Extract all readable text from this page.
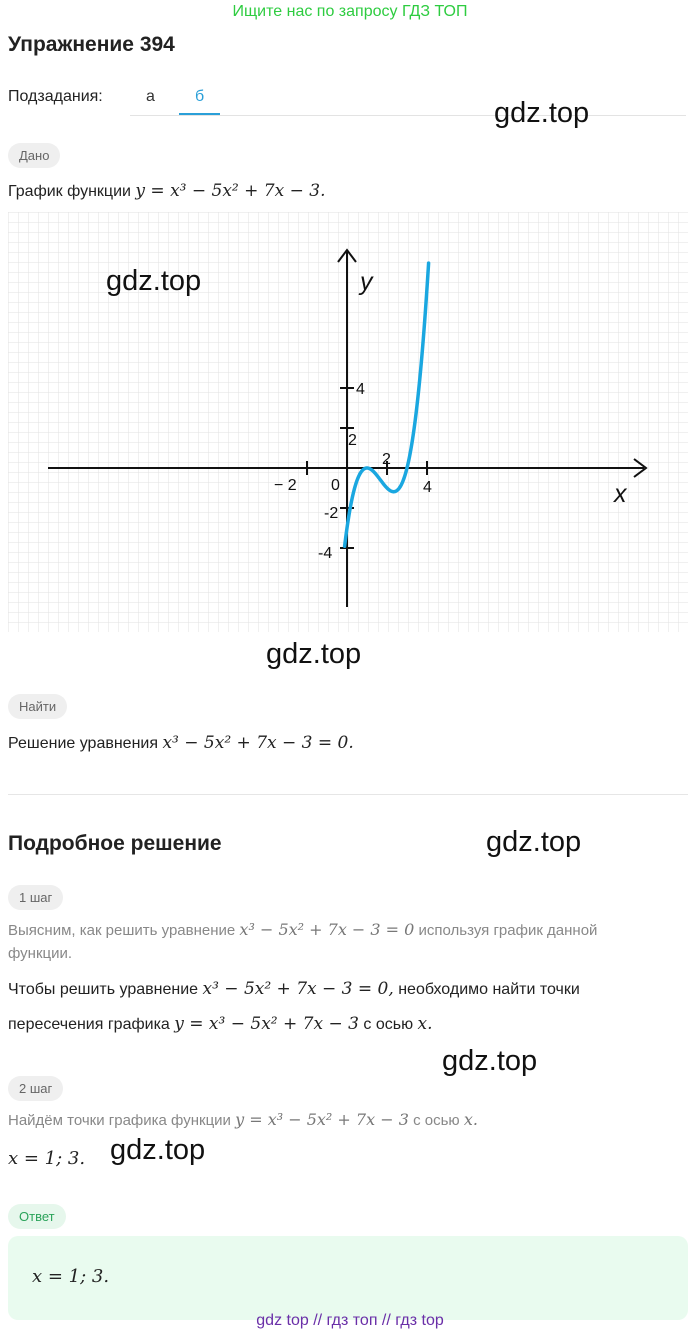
Ищите нас по запросу ГДЗ ТОП
Упражнение 394
Подзадания:	а	б
gdz.top
Дано
График функции y = x³ − 5x² + 7x − 3.
− 2 0
2
4
4
2
-2
-4
y
x
gdz.top
gdz.top
Найти
Решение уравнения x³ − 5x² + 7x − 3 = 0.
Подробное решение	gdz.top
1 шаг
Выясним, как решить уравнение x³ − 5x² + 7x − 3 = 0 используя график данной
функции.
Чтобы решить уравнение x³ − 5x² + 7x − 3 = 0, необходимо найти точки
пересечения графика y = x³ − 5x² + 7x − 3 с осью x.
gdz.top
2 шаг
Найдём точки графика функции y = x³ − 5x² + 7x − 3 с осью x.
x = 1; 3. gdz.top
Ответ
x = 1; 3.
gdz top // гдз топ // гдз top
